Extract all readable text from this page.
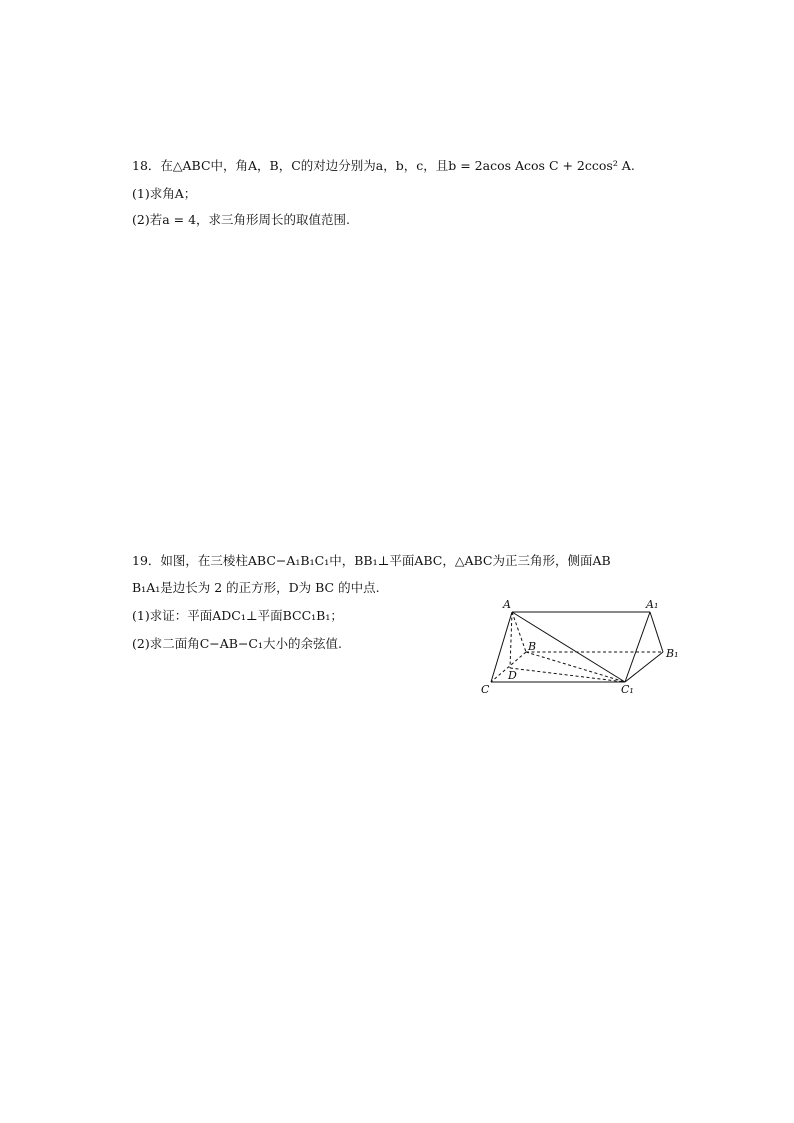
18．在△ABC中，角A，B，C的对边分别为a，b，c，且b = 2acos Acos C + 2ccos² A.
(1)求角A；
(2)若a = 4，求三角形周长的取值范围.
19．如图，在三棱柱ABC−A₁B₁C₁中，BB₁⊥平面ABC，△ABC为正三角形，侧面AB
B₁A₁是边长为 2 的正方形，D为 BC 的中点.
(1)求证：平面ADC₁⊥平面BCC₁B₁；
(2)求二面角C−AB−C₁大小的余弦值.
A	A₁
B
B₁
C	C₁
D
